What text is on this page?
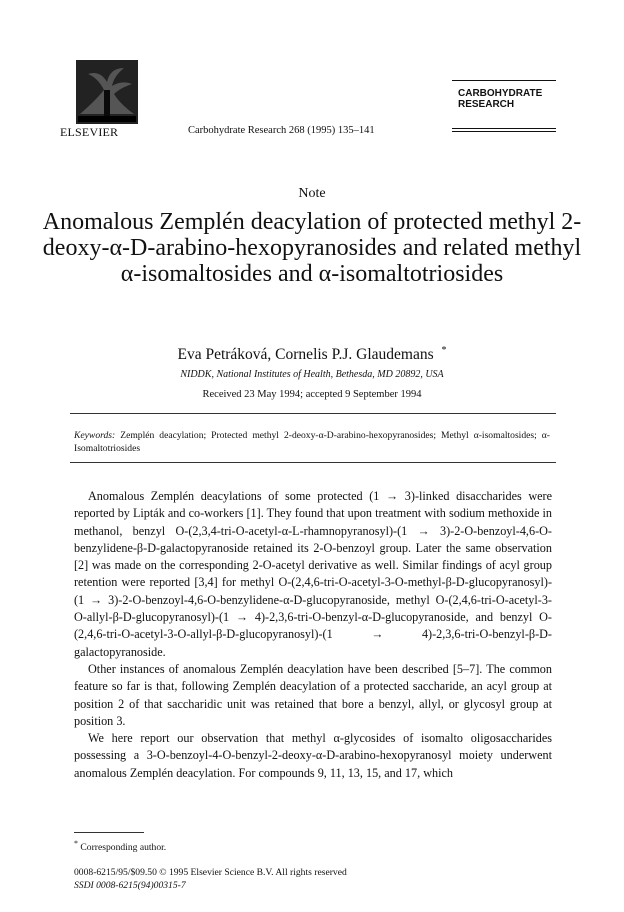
ELSEVIER	Carbohydrate Research 268 (1995) 135–141
CARBOHYDRATE
RESEARCH
Note
Anomalous Zemplén deacylation of protected methyl 2-deoxy-α-D-arabino-hexopyranosides and related methyl α-isomaltosides and α-isomaltotriosides
Eva Petráková, Cornelis P.J. Glaudemans *
NIDDK, National Institutes of Health, Bethesda, MD 20892, USA
Received 23 May 1994; accepted 9 September 1994
Keywords: Zemplén deacylation; Protected methyl 2-deoxy-α-D-arabino-hexopyranosides; Methyl α-isomaltosides; α-Isomaltotriosides

Anomalous Zemplén deacylations of some protected (1 → 3)-linked disaccharides were reported by Lipták and co-workers [1]. They found that upon treatment with sodium methoxide in methanol, benzyl O-(2,3,4-tri-O-acetyl-α-L-rhamnopyranosyl)-(1 → 3)-2-O-benzoyl-4,6-O-benzylidene-β-D-galactopyranoside retained its 2-O-benzoyl group. Later the same observation [2] was made on the corresponding 2-O-acetyl derivative as well. Similar findings of acyl group retention were reported [3,4] for methyl O-(2,4,6-tri-O-acetyl-3-O-methyl-β-D-glucopyranosyl)-(1 → 3)-2-O-benzoyl-4,6-O-benzylidene-α-D-glucopyranoside, methyl O-(2,4,6-tri-O-acetyl-3-O-allyl-β-D-glucopyranosyl)-(1 → 4)-2,3,6-tri-O-benzyl-α-D-glucopyranoside, and benzyl O-(2,4,6-tri-O-acetyl-3-O-allyl-β-D-glucopyranosyl)-(1 → 4)-2,3,6-tri-O-benzyl-β-D-galactopyranoside.

Other instances of anomalous Zemplén deacylation have been described [5–7]. The common feature so far is that, following Zemplén deacylation of a protected saccharide, an acyl group at position 2 of that saccharidic unit was retained that bore a benzyl, allyl, or glycosyl group at position 3.

We here report our observation that methyl α-glycosides of isomalto oligosaccharides possessing a 3-O-benzoyl-4-O-benzyl-2-deoxy-α-D-arabino-hexopyranosyl moiety underwent anomalous Zemplén deacylation. For compounds 9, 11, 13, 15, and 17, which

* Corresponding author.
0008-6215/95/$09.50 © 1995 Elsevier Science B.V. All rights reserved
SSDI 0008-6215(94)00315-7
